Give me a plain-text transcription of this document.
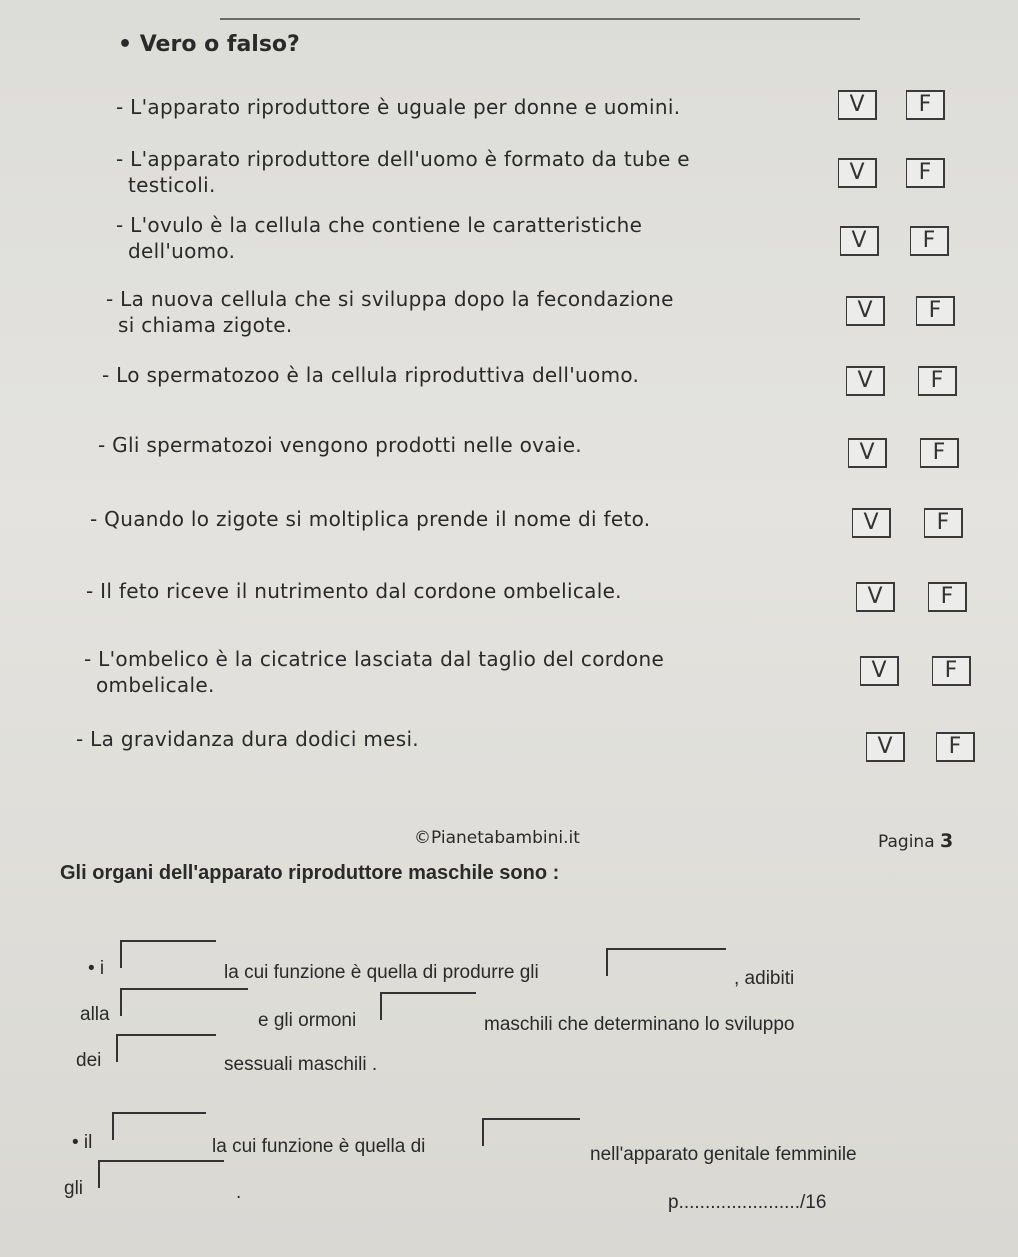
• Vero o falso?
- L'apparato riproduttore è uguale per donne e uomini.	V	F
- L'apparato riproduttore dell'uomo è formato da tube e
testicoli.	V	F
- L'ovulo è la cellula che contiene le caratteristiche
dell'uomo.	V	F
- La nuova cellula che si sviluppa dopo la fecondazione
si chiama zigote.
V	F
- Lo spermatozoo è la cellula riproduttiva dell'uomo.	V	F
- Gli spermatozoi vengono prodotti nelle ovaie.	V	F
- Quando lo zigote si moltiplica prende il nome di feto.	V	F
- Il feto riceve il nutrimento dal cordone ombelicale.	V	F
- L'ombelico è la cicatrice lasciata dal taglio del cordone
ombelicale.
V	F
- La gravidanza dura dodici mesi.	V	F
©Pianetabambini.it	Pagina 3
Gli organi dell'apparato riproduttore maschile sono :
• i	la cui funzione è quella di produrre gli	, adibiti
alla	e gli ormoni	maschili che determinano lo sviluppo
dei	sessuali maschili .
• il	la cui funzione è quella di	nell'apparato genitale femminile
gli	.	p......................./16
